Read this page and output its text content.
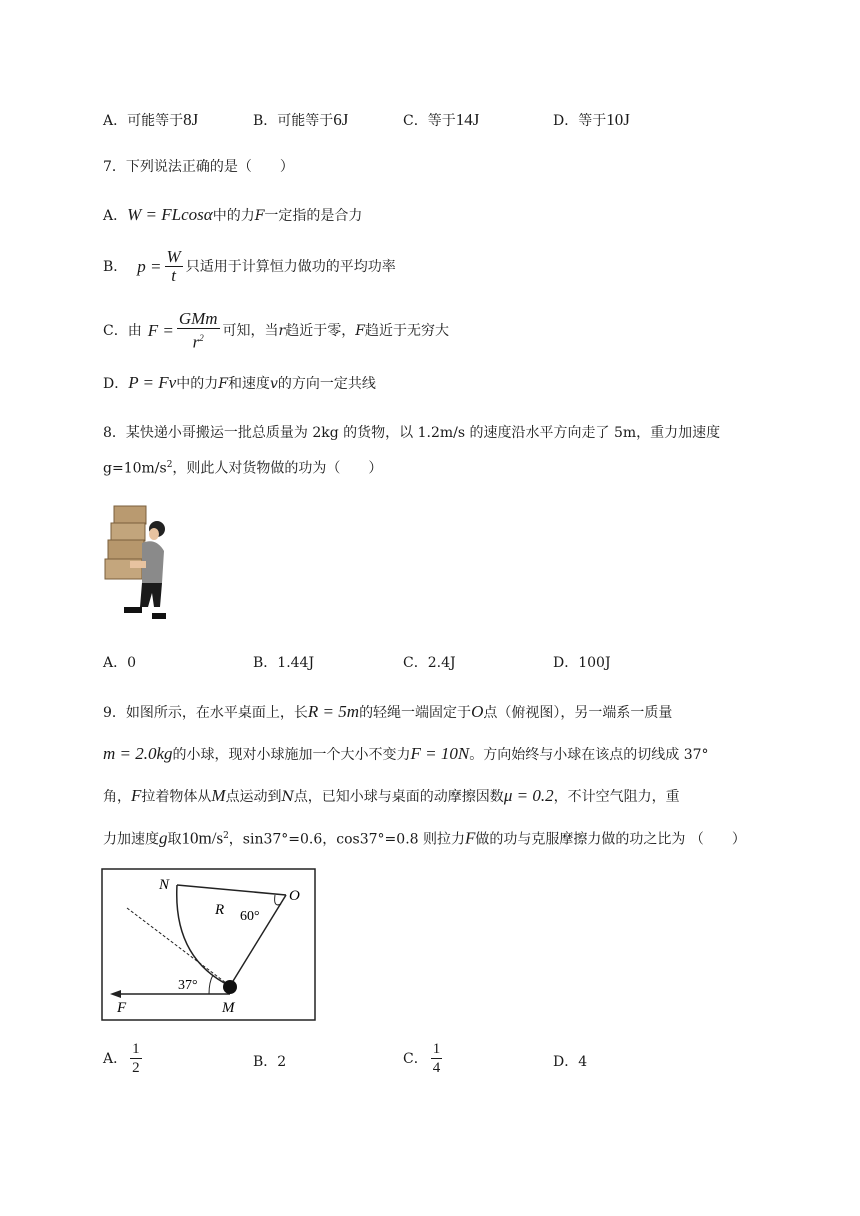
A．可能等于8J	B．可能等于6J	C．等于14J	D．等于10J
7．下列说法正确的是（　　）
A．W = FLcosα中的力F一定指的是合力
B． $p = \frac{W}{t}$ 只适用于计算恒力做功的平均功率
C．由 $F = \frac{\text{GMm}}{r^2}$ 可知，当 r 趋近于零， F 趋近于无穷大
D．P = Fv中的力F和速度v的方向一定共线
8．某快递小哥搬运一批总质量为 2kg 的货物，以 1.2m/s 的速度沿水平方向走了 5m，重力加速度
$g=10m/s^2$，则此人对货物做的功为（　　）
A．0	B．1.44J	C．2.4J	D．100J
9．如图所示，在水平桌面上，长R = 5m的轻绳一端固定于O点（俯视图），另一端系一质量
m = 2.0kg的小球，现对小球施加一个大小不变力F = 10N。方向始终与小球在该点的切线成 37°
角，F拉着物体从M点运动到N点，已知小球与桌面的动摩擦因数μ = 0.2，不计空气阻力，重
力加速度g取$10m/s^2$，sin37°=0.6，cos37°=0.8 则拉力F做的功与克服摩擦力做的功之比为 （　　）
N
R
O
60°
37°
F	M
A． $\frac{1}{2}$	B．2	C． $\frac{1}{4}$	D．4
